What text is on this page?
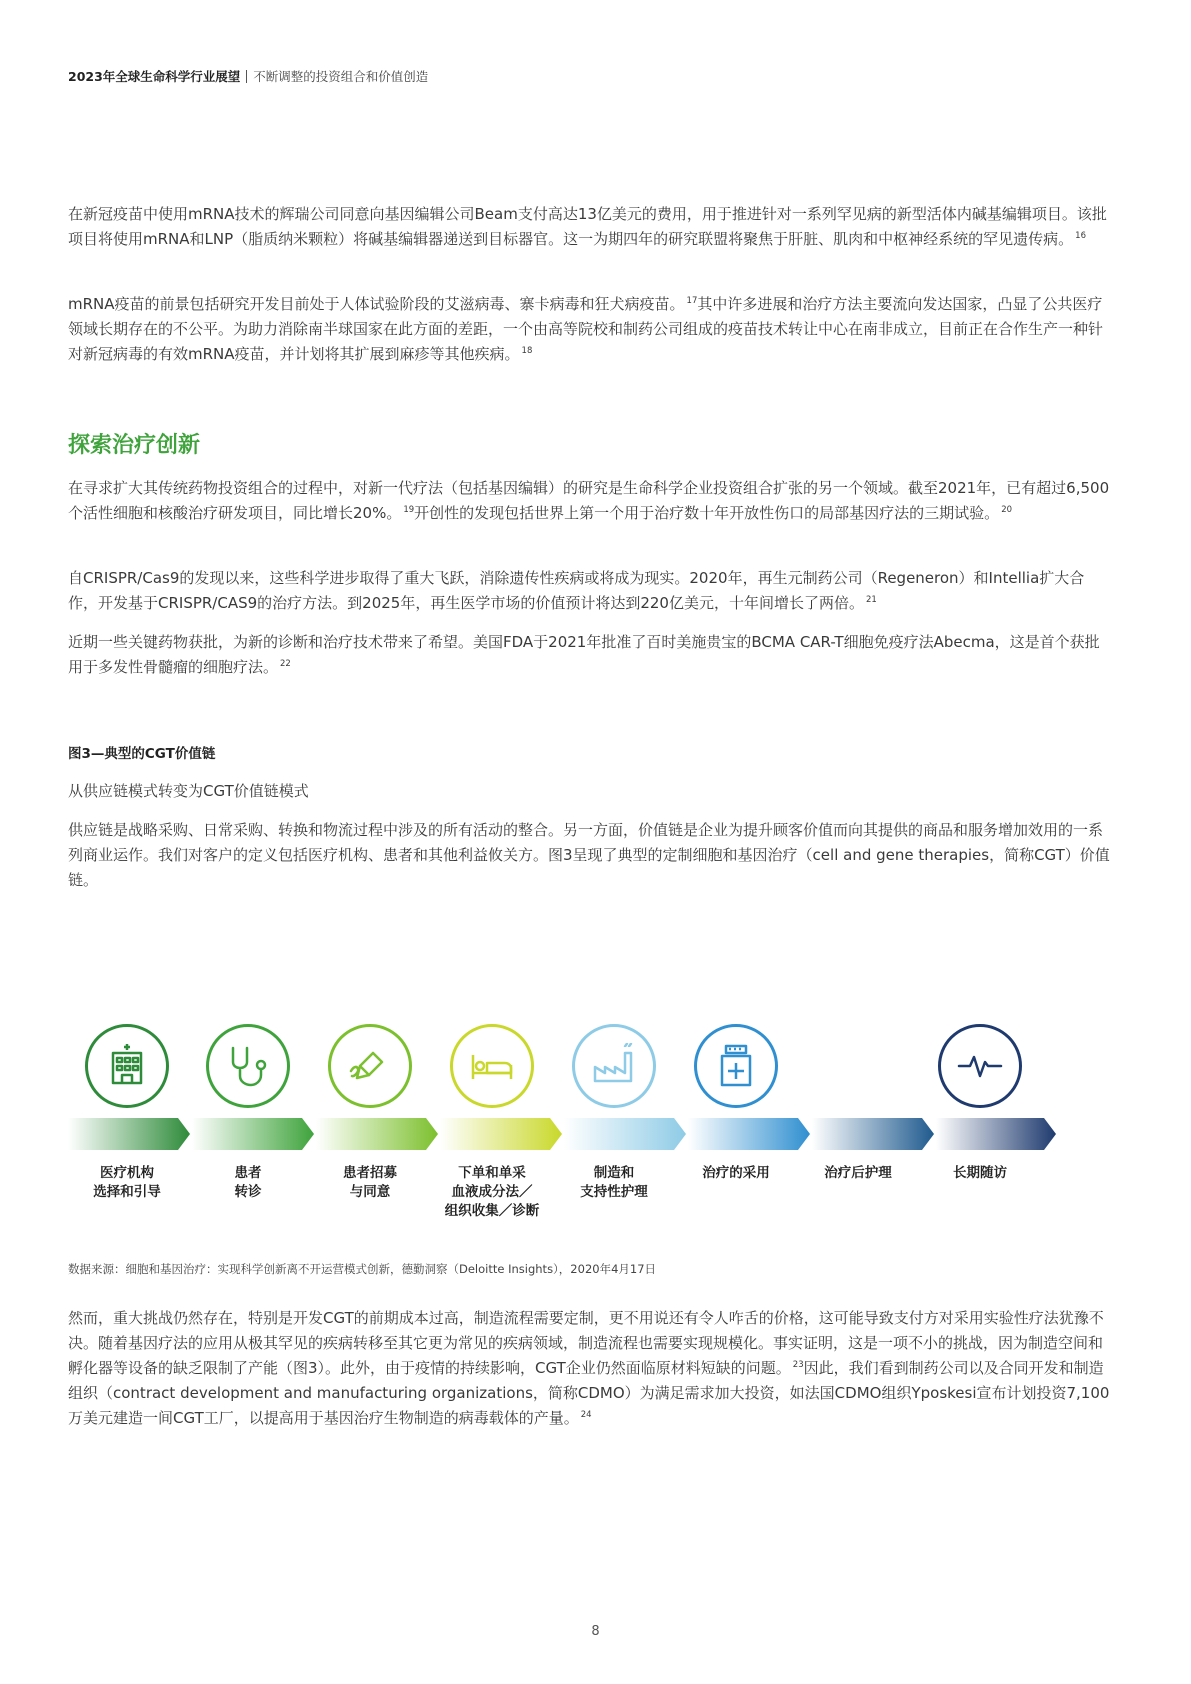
2023年全球生命科学行业展望 不断调整的投资组合和价值创造

在新冠疫苗中使用mRNA技术的辉瑞公司同意向基因编辑公司Beam支付高达13亿美元的费用，用于推进针对一系列罕见病的新型活体内碱基编辑项目。该批项目将使用mRNA和LNP（脂质纳米颗粒）将碱基编辑器递送到目标器官。这一为期四年的研究联盟将聚焦于肝脏、肌肉和中枢神经系统的罕见遗传病。 $^{16}$

mRNA疫苗的前景包括研究开发目前处于人体试验阶段的艾滋病毒、寨卡病毒和狂犬病疫苗。 $^{17}$其中许多进展和治疗方法主要流向发达国家，凸显了公共医疗领域长期存在的不公平。为助力消除南半球国家在此方面的差距，一个由高等院校和制药公司组成的疫苗技术转让中心在南非成立，目前正在合作生产一种针对新冠病毒的有效mRNA疫苗，并计划将其扩展到麻疹等其他疾病。 $^{18}$

探索治疗创新

在寻求扩大其传统药物投资组合的过程中，对新一代疗法（包括基因编辑）的研究是生命科学企业投资组合扩张的另一个领域。截至2021年，已有超过6,500个活性细胞和核酸治疗研发项目，同比增长20%。 $^{19}$开创性的发现包括世界上第一个用于治疗数十年开放性伤口的局部基因疗法的三期试验。 $^{20}$

自CRISPR/Cas9的发现以来，这些科学进步取得了重大飞跃，消除遗传性疾病或将成为现实。2020年，再生元制药公司（Regeneron）和Intellia扩大合作，开发基于CRISPR/CAS9的治疗方法。到2025年，再生医学市场的价值预计将达到220亿美元，十年间增长了两倍。 $^{21}$

近期一些关键药物获批，为新的诊断和治疗技术带来了希望。美国FDA于2021年批准了百时美施贵宝的BCMA CAR-T细胞免疫疗法Abecma，这是首个获批用于多发性骨髓瘤的细胞疗法。 $^{22}$

图3—典型的CGT价值链
从供应链模式转变为CGT价值链模式

供应链是战略采购、日常采购、转换和物流过程中涉及的所有活动的整合。另一方面，价值链是企业为提升顾客价值而向其提供的商品和服务增加效用的一系列商业运作。我们对客户的定义包括医疗机构、患者和其他利益攸关方。图3呈现了典型的定制细胞和基因治疗（cell and gene therapies，简称CGT）价值链。

医疗机构
选择和引导
患者
转诊
患者招募
与同意
下单和单采
血液成分法／
组织收集／诊断
制造和
支持性护理
治疗的采用	治疗后护理	长期随访
数据来源：细胞和基因治疗：实现科学创新离不开运营模式创新，德勤洞察（Deloitte Insights），2020年4月17日

然而，重大挑战仍然存在，特别是开发CGT的前期成本过高，制造流程需要定制，更不用说还有令人咋舌的价格，这可能导致支付方对采用实验性疗法犹豫不决。随着基因疗法的应用从极其罕见的疾病转移至其它更为常见的疾病领域，制造流程也需要实现规模化。事实证明，这是一项不小的挑战，因为制造空间和孵化器等设备的缺乏限制了产能（图3）。此外，由于疫情的持续影响，CGT企业仍然面临原材料短缺的问题。 $^{23}$因此，我们看到制药公司以及合同开发和制造组织（contract development and manufacturing organizations，简称CDMO）为满足需求加大投资，如法国CDMO组织Yposkesi宣布计划投资7,100万美元建造一间CGT工厂，以提高用于基因治疗生物制造的病毒载体的产量。 $^{24}$

8
